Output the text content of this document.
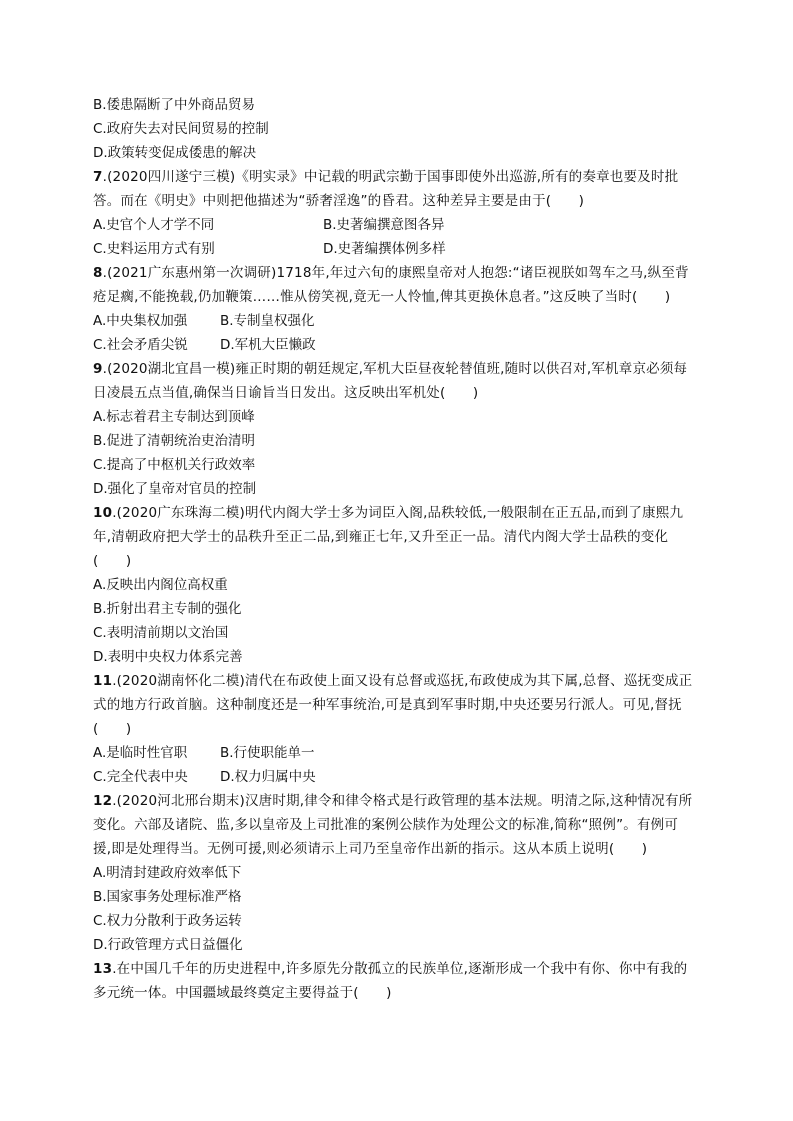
B.倭患隔断了中外商品贸易
C.政府失去对民间贸易的控制
D.政策转变促成倭患的解决
7.(2020四川遂宁三模)《明实录》中记载的明武宗勤于国事即使外出巡游,所有的奏章也要及时批
答。而在《明史》中则把他描述为“骄奢淫逸”的昏君。这种差异主要是由于(　　)
A.史官个人才学不同	B.史著编撰意图各异
C.史料运用方式有别	D.史著编撰体例多样
8.(2021广东惠州第一次调研)1718年,年过六旬的康熙皇帝对人抱怨:“诸臣视朕如驾车之马,纵至背
疮足瘸,不能挽载,仍加鞭策……惟从傍笑视,竟无一人怜恤,俾其更换休息者。”这反映了当时(　　)
A.中央集权加强 B.专制皇权强化
C.社会矛盾尖锐 D.军机大臣懒政
9.(2020湖北宜昌一模)雍正时期的朝廷规定,军机大臣昼夜轮替值班,随时以供召对,军机章京必须每
日凌晨五点当值,确保当日谕旨当日发出。这反映出军机处(　　)
A.标志着君主专制达到顶峰
B.促进了清朝统治吏治清明
C.提高了中枢机关行政效率
D.强化了皇帝对官员的控制
10.(2020广东珠海二模)明代内阁大学士多为词臣入阁,品秩较低,一般限制在正五品,而到了康熙九
年,清朝政府把大学士的品秩升至正二品,到雍正七年,又升至正一品。清代内阁大学士品秩的变化
(　　)
A.反映出内阁位高权重
B.折射出君主专制的强化
C.表明清前期以文治国
D.表明中央权力体系完善
11.(2020湖南怀化二模)清代在布政使上面又设有总督或巡抚,布政使成为其下属,总督、巡抚变成正
式的地方行政首脑。这种制度还是一种军事统治,可是真到军事时期,中央还要另行派人。可见,督抚
(　　)
A.是临时性官职 B.行使职能单一
C.完全代表中央 D.权力归属中央
12.(2020河北邢台期末)汉唐时期,律令和律令格式是行政管理的基本法规。明清之际,这种情况有所
变化。六部及诸院、监,多以皇帝及上司批准的案例公牍作为处理公文的标准,简称“照例”。有例可
援,即是处理得当。无例可援,则必须请示上司乃至皇帝作出新的指示。这从本质上说明(　　)
A.明清封建政府效率低下
B.国家事务处理标准严格
C.权力分散利于政务运转
D.行政管理方式日益僵化
13.在中国几千年的历史进程中,许多原先分散孤立的民族单位,逐渐形成一个我中有你、你中有我的
多元统一体。中国疆域最终奠定主要得益于(　　)
